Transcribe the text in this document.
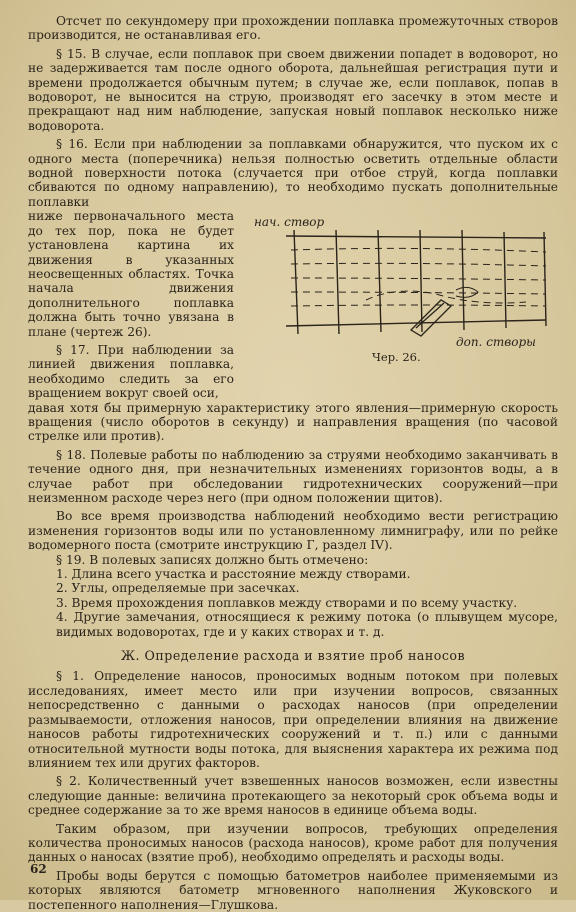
Отсчет по секундомеру при прохождении поплавка промежуточных створов производится, не останавливая его.

§ 15. В случае, если поплавок при своем движении попадет в водоворот, но не задерживается там после одного оборота, дальнейшая регистрация пути и времени продолжается обычным путем; в случае же, если поплавок, попав в водоворот, не выносится на струю, производят его засечку в этом месте и прекращают над ним наблюдение, запуская новый поплавок несколько ниже водоворота.

§ 16. Если при наблюдении за поплавками обнаружится, что пуском их с одного места (поперечника) нельзя полностью осветить отдельные области водной поверхности потока (случается при отбое струй, когда поплавки сбиваются по одному направлению), то необходимо пускать дополнительные поплавки

ниже первоначального места до тех пор, пока не будет установлена картина их движения в указанных неосвещенных областях. Точка начала движения дополнительного поплавка должна быть точно увязана в плане (чертеж 26).

§ 17. При наблюдении за линией движения поплавка, необходимо следить за его вращением вокруг своей оси,

давая хотя бы примерную характеристику этого явления—примерную скорость вращения (число оборотов в секунду) и направления вращения (по часовой стрелке или против).

§ 18. Полевые работы по наблюдению за струями необходимо заканчивать в течение одного дня, при незначительных изменениях горизонтов воды, а в случае работ при обследовании гидротехнических сооружений—при неизменном расходе через него (при одном положении щитов).

Во все время производства наблюдений необходимо вести регистрацию изменения горизонтов воды или по установленному лимниграфу, или по рейке водомерного поста (смотрите инструкцию Г, раздел IV).

§ 19. В полевых записях должно быть отмечено:

1. Длина всего участка и расстояние между створами.

2. Углы, определяемые при засечках.

3. Время прохождения поплавков между створами и по всему участку.

4. Другие замечания, относящиеся к режиму потока (о плывущем мусоре, видимых водоворотах, где и у каких створах и т. д.

Ж. Определение расхода и взятие проб наносов

§ 1. Определение наносов, проносимых водным потоком при полевых исследованиях, имеет место или при изучении вопросов, связанных непосредственно с данными о расходах наносов (при определении размываемости, отложения наносов, при определении влияния на движение наносов работы гидротехнических сооружений и т. п.) или с данными относительной мутности воды потока, для выяснения характера их режима под влиянием тех или других факторов.

§ 2. Количественный учет взвешенных наносов возможен, если известны следующие данные: величина протекающего за некоторый срок объема воды и среднее содержание за то же время наносов в единице объема воды.

Таким образом, при изучении вопросов, требующих определения количества проносимых наносов (расхода наносов), кроме работ для получения данных о наносах (взятие проб), необходимо определять и расходы воды.

Пробы воды берутся с помощью батометров наиболее применяемыми из которых являются батометр мгновенного наполнения Жуковского и постепенного наполнения—Глушкова.

нач. створ
доп. створы
Чер. 26.
62
